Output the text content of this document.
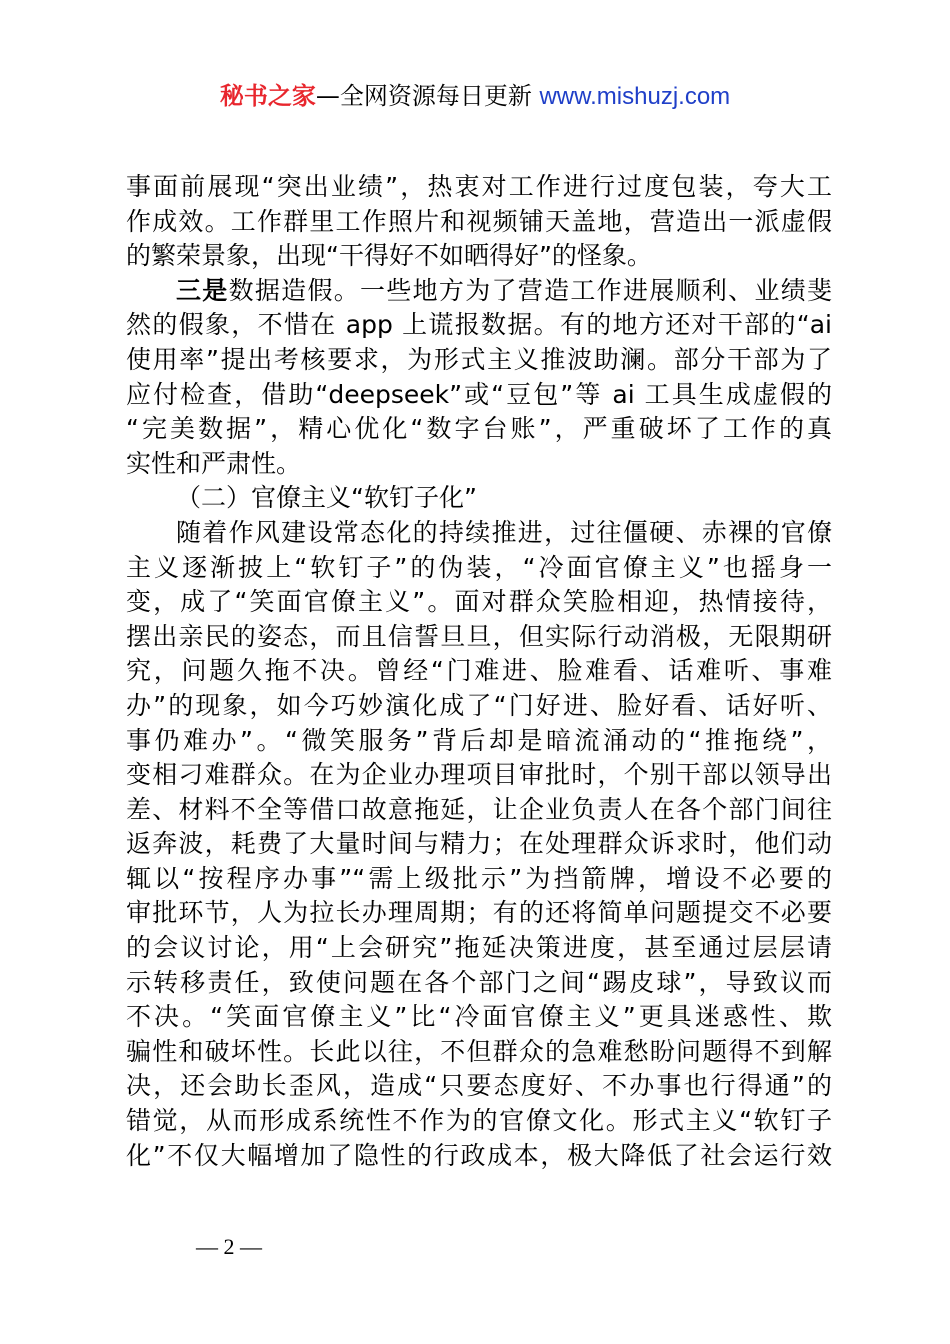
秘书之家—全网资源每日更新 www.mishuzj.com
事面前展现“突出业绩”，热衷对工作进行过度包装，夸大工
作成效。工作群里工作照片和视频铺天盖地，营造出一派虚假
的繁荣景象，出现“干得好不如晒得好”的怪象。
三是数据造假。一些地方为了营造工作进展顺利、业绩斐
然的假象，不惜在 app 上谎报数据。有的地方还对干部的“ai
使用率”提出考核要求，为形式主义推波助澜。部分干部为了
应付检查，借助“deepseek”或“豆包”等 ai 工具生成虚假的
“完美数据”，精心优化“数字台账”，严重破坏了工作的真
实性和严肃性。
（二）官僚主义“软钉子化”
随着作风建设常态化的持续推进，过往僵硬、赤裸的官僚
主义逐渐披上“软钉子”的伪装，“冷面官僚主义”也摇身一
变，成了“笑面官僚主义”。面对群众笑脸相迎，热情接待，
摆出亲民的姿态，而且信誓旦旦，但实际行动消极，无限期研
究，问题久拖不决。曾经“门难进、脸难看、话难听、事难
办”的现象，如今巧妙演化成了“门好进、脸好看、话好听、
事仍难办”。“微笑服务”背后却是暗流涌动的“推拖绕”，
变相刁难群众。在为企业办理项目审批时，个别干部以领导出
差、材料不全等借口故意拖延，让企业负责人在各个部门间往
返奔波，耗费了大量时间与精力；在处理群众诉求时，他们动
辄以“按程序办事”“需上级批示”为挡箭牌，增设不必要的
审批环节，人为拉长办理周期；有的还将简单问题提交不必要
的会议讨论，用“上会研究”拖延决策进度，甚至通过层层请
示转移责任，致使问题在各个部门之间“踢皮球”，导致议而
不决。“笑面官僚主义”比“冷面官僚主义”更具迷惑性、欺
骗性和破坏性。长此以往，不但群众的急难愁盼问题得不到解
决，还会助长歪风，造成“只要态度好、不办事也行得通”的
错觉，从而形成系统性不作为的官僚文化。形式主义“软钉子
化”不仅大幅增加了隐性的行政成本，极大降低了社会运行效
— 2 —
